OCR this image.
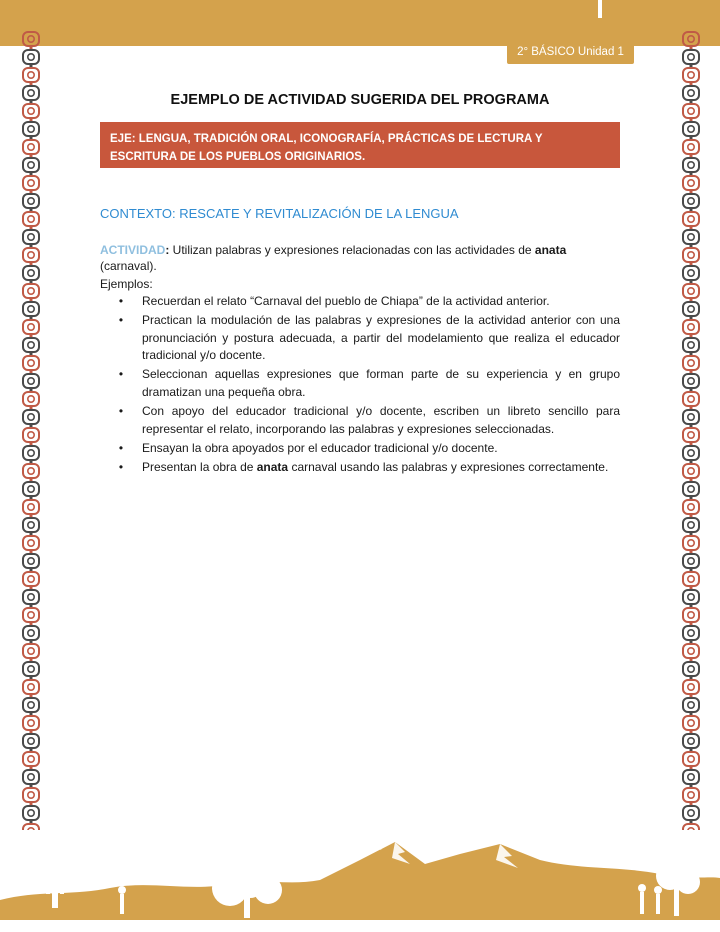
2° BÁSICO Unidad 1
EJEMPLO DE ACTIVIDAD SUGERIDA DEL PROGRAMA
EJE: LENGUA, TRADICIÓN ORAL, ICONOGRAFÍA, PRÁCTICAS DE LECTURA Y ESCRITURA DE LOS PUEBLOS ORIGINARIOS.
CONTEXTO: RESCATE Y REVITALIZACIÓN DE LA LENGUA
ACTIVIDAD: Utilizan palabras y expresiones relacionadas con las actividades de anata (carnaval).
Ejemplos:
• Recuerdan el relato “Carnaval del pueblo de Chiapa” de la actividad anterior.
• Practican la modulación de las palabras y expresiones de la actividad anterior con una pronunciación y postura adecuada, a partir del modelamiento que realiza el educador tradicional y/o docente.
• Seleccionan aquellas expresiones que forman parte de su experiencia y en grupo dramatizan una pequeña obra.
• Con apoyo del educador tradicional y/o docente, escriben un libreto sencillo para representar el relato, incorporando las palabras y expresiones seleccionadas.
• Ensayan la obra apoyados por el educador tradicional y/o docente.
• Presentan la obra de anata carnaval usando las palabras y expresiones correctamente.
